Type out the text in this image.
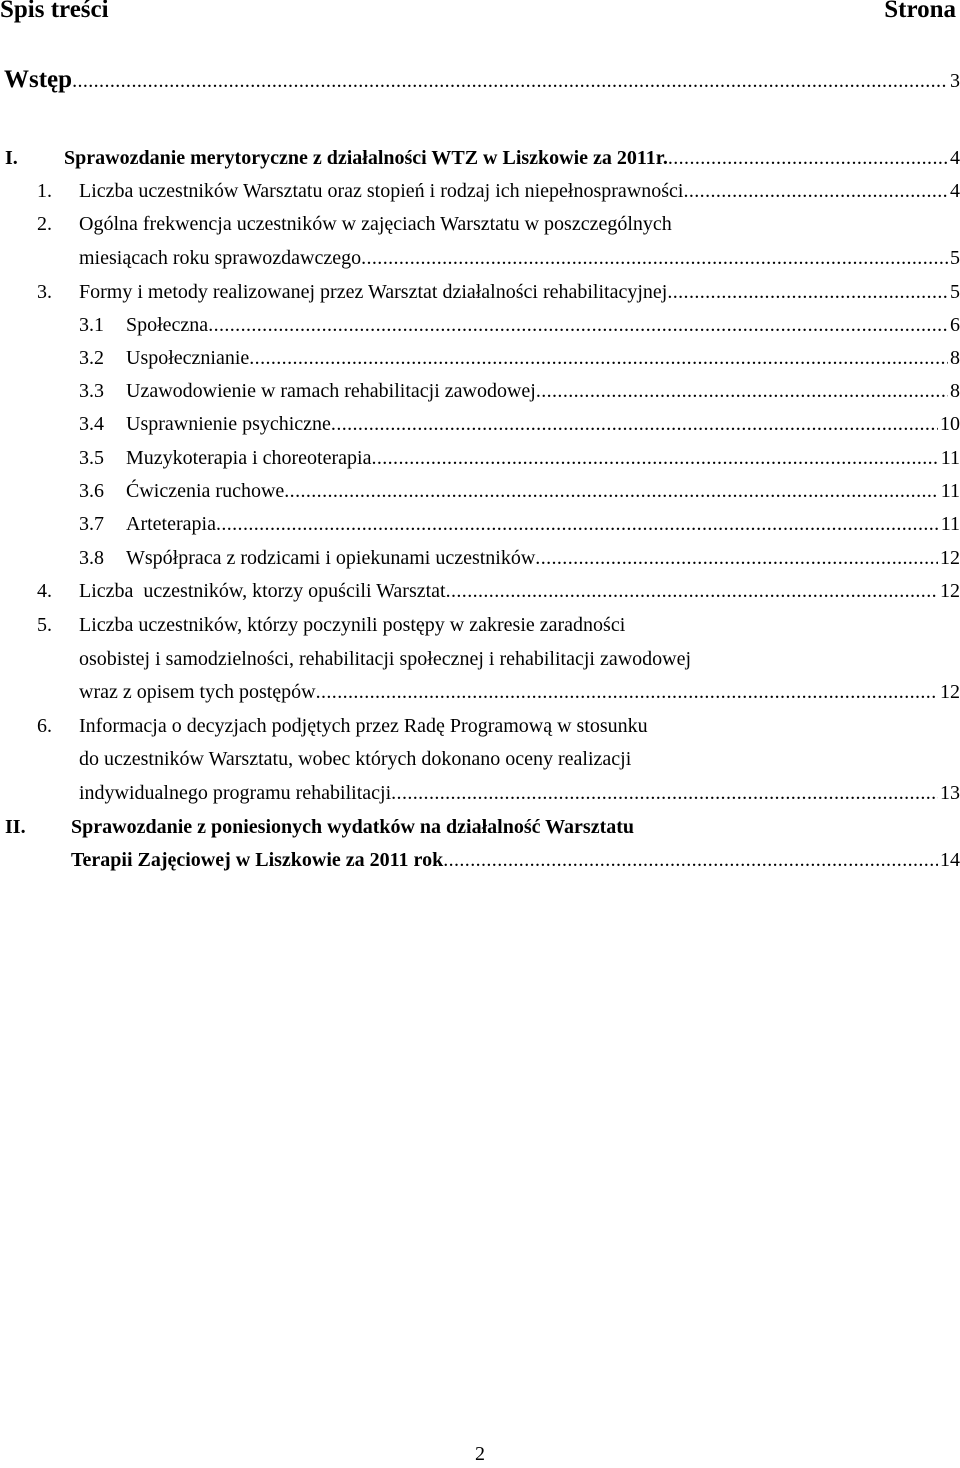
Spis treści	Strona
Wstęp .....	3
I. Sprawozdanie merytoryczne z działalności WTZ w Liszkowie za 2011r. .....	4
1. Liczba uczestników Warsztatu oraz stopień i rodzaj ich niepełnosprawności .....	4
2. Ogólna frekwencja uczestników w zajęciach Warsztatu w poszczególnych
miesiącach roku sprawozdawczego .....	5
3. Formy i metody realizowanej przez Warsztat działalności rehabilitacyjnej .....	5
3.1 Społeczna .....	6
3.2 Uspołecznianie .....	8
3.3 Uzawodowienie w ramach rehabilitacji zawodowej .....	8
3.4 Usprawnienie psychiczne .....	10
3.5 Muzykoterapia i choreoterapia .....	11
3.6 Ćwiczenia ruchowe .....	11
3.7 Arteterapia .....	11
3.8 Współpraca z rodzicami i opiekunami uczestników .....	12
4. Liczba  uczestników, ktorzy opuścili Warsztat .....	12
5. Liczba uczestników, którzy poczynili postępy w zakresie zaradności
osobistej i samodzielności, rehabilitacji społecznej i rehabilitacji zawodowej
wraz z opisem tych postępów .....	12
6. Informacja o decyzjach podjętych przez Radę Programową w stosunku
do uczestników Warsztatu, wobec których dokonano oceny realizacji
indywidualnego programu rehabilitacji .....	13
II. Sprawozdanie z poniesionych wydatków na działalność Warsztatu
Terapii Zajęciowej w Liszkowie za 2011 rok .....	14
2
